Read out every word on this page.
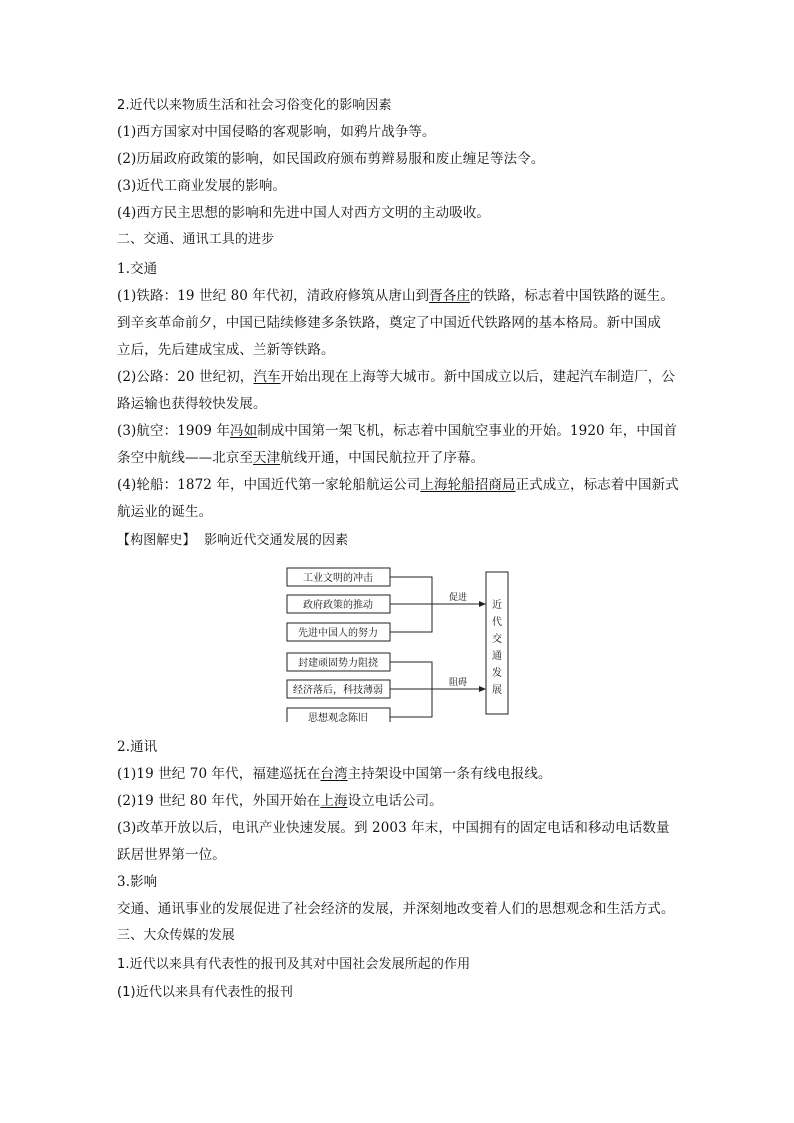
2.近代以来物质生活和社会习俗变化的影响因素
(1)西方国家对中国侵略的客观影响，如鸦片战争等。
(2)历届政府政策的影响，如民国政府颁布剪辫易服和废止缠足等法令。
(3)近代工商业发展的影响。
(4)西方民主思想的影响和先进中国人对西方文明的主动吸收。
二、交通、通讯工具的进步
1.交通
(1)铁路：19 世纪 80 年代初，清政府修筑从唐山到胥各庄的铁路，标志着中国铁路的诞生。
到辛亥革命前夕，中国已陆续修建多条铁路，奠定了中国近代铁路网的基本格局。新中国成
立后，先后建成宝成、兰新等铁路。
(2)公路：20 世纪初，汽车开始出现在上海等大城市。新中国成立以后，建起汽车制造厂，公
路运输也获得较快发展。
(3)航空：1909 年冯如制成中国第一架飞机，标志着中国航空事业的开始。1920 年，中国首
条空中航线——北京至天津航线开通，中国民航拉开了序幕。
(4)轮船：1872 年，中国近代第一家轮船航运公司上海轮船招商局正式成立，标志着中国新式
航运业的诞生。
【构图解史】 影响近代交通发展的因素
工业文明的冲击
政府政策的推动
先进中国人的努力
封建顽固势力阻挠
经济落后，科技薄弱
思想观念陈旧
促进
阻碍
近
代
交
通
发
展
2.通讯
(1)19 世纪 70 年代，福建巡抚在台湾主持架设中国第一条有线电报线。
(2)19 世纪 80 年代，外国开始在上海设立电话公司。
(3)改革开放以后，电讯产业快速发展。到 2003 年末，中国拥有的固定电话和移动电话数量
跃居世界第一位。
3.影响
交通、通讯事业的发展促进了社会经济的发展，并深刻地改变着人们的思想观念和生活方式。
三、大众传媒的发展
1.近代以来具有代表性的报刊及其对中国社会发展所起的作用
(1)近代以来具有代表性的报刊
